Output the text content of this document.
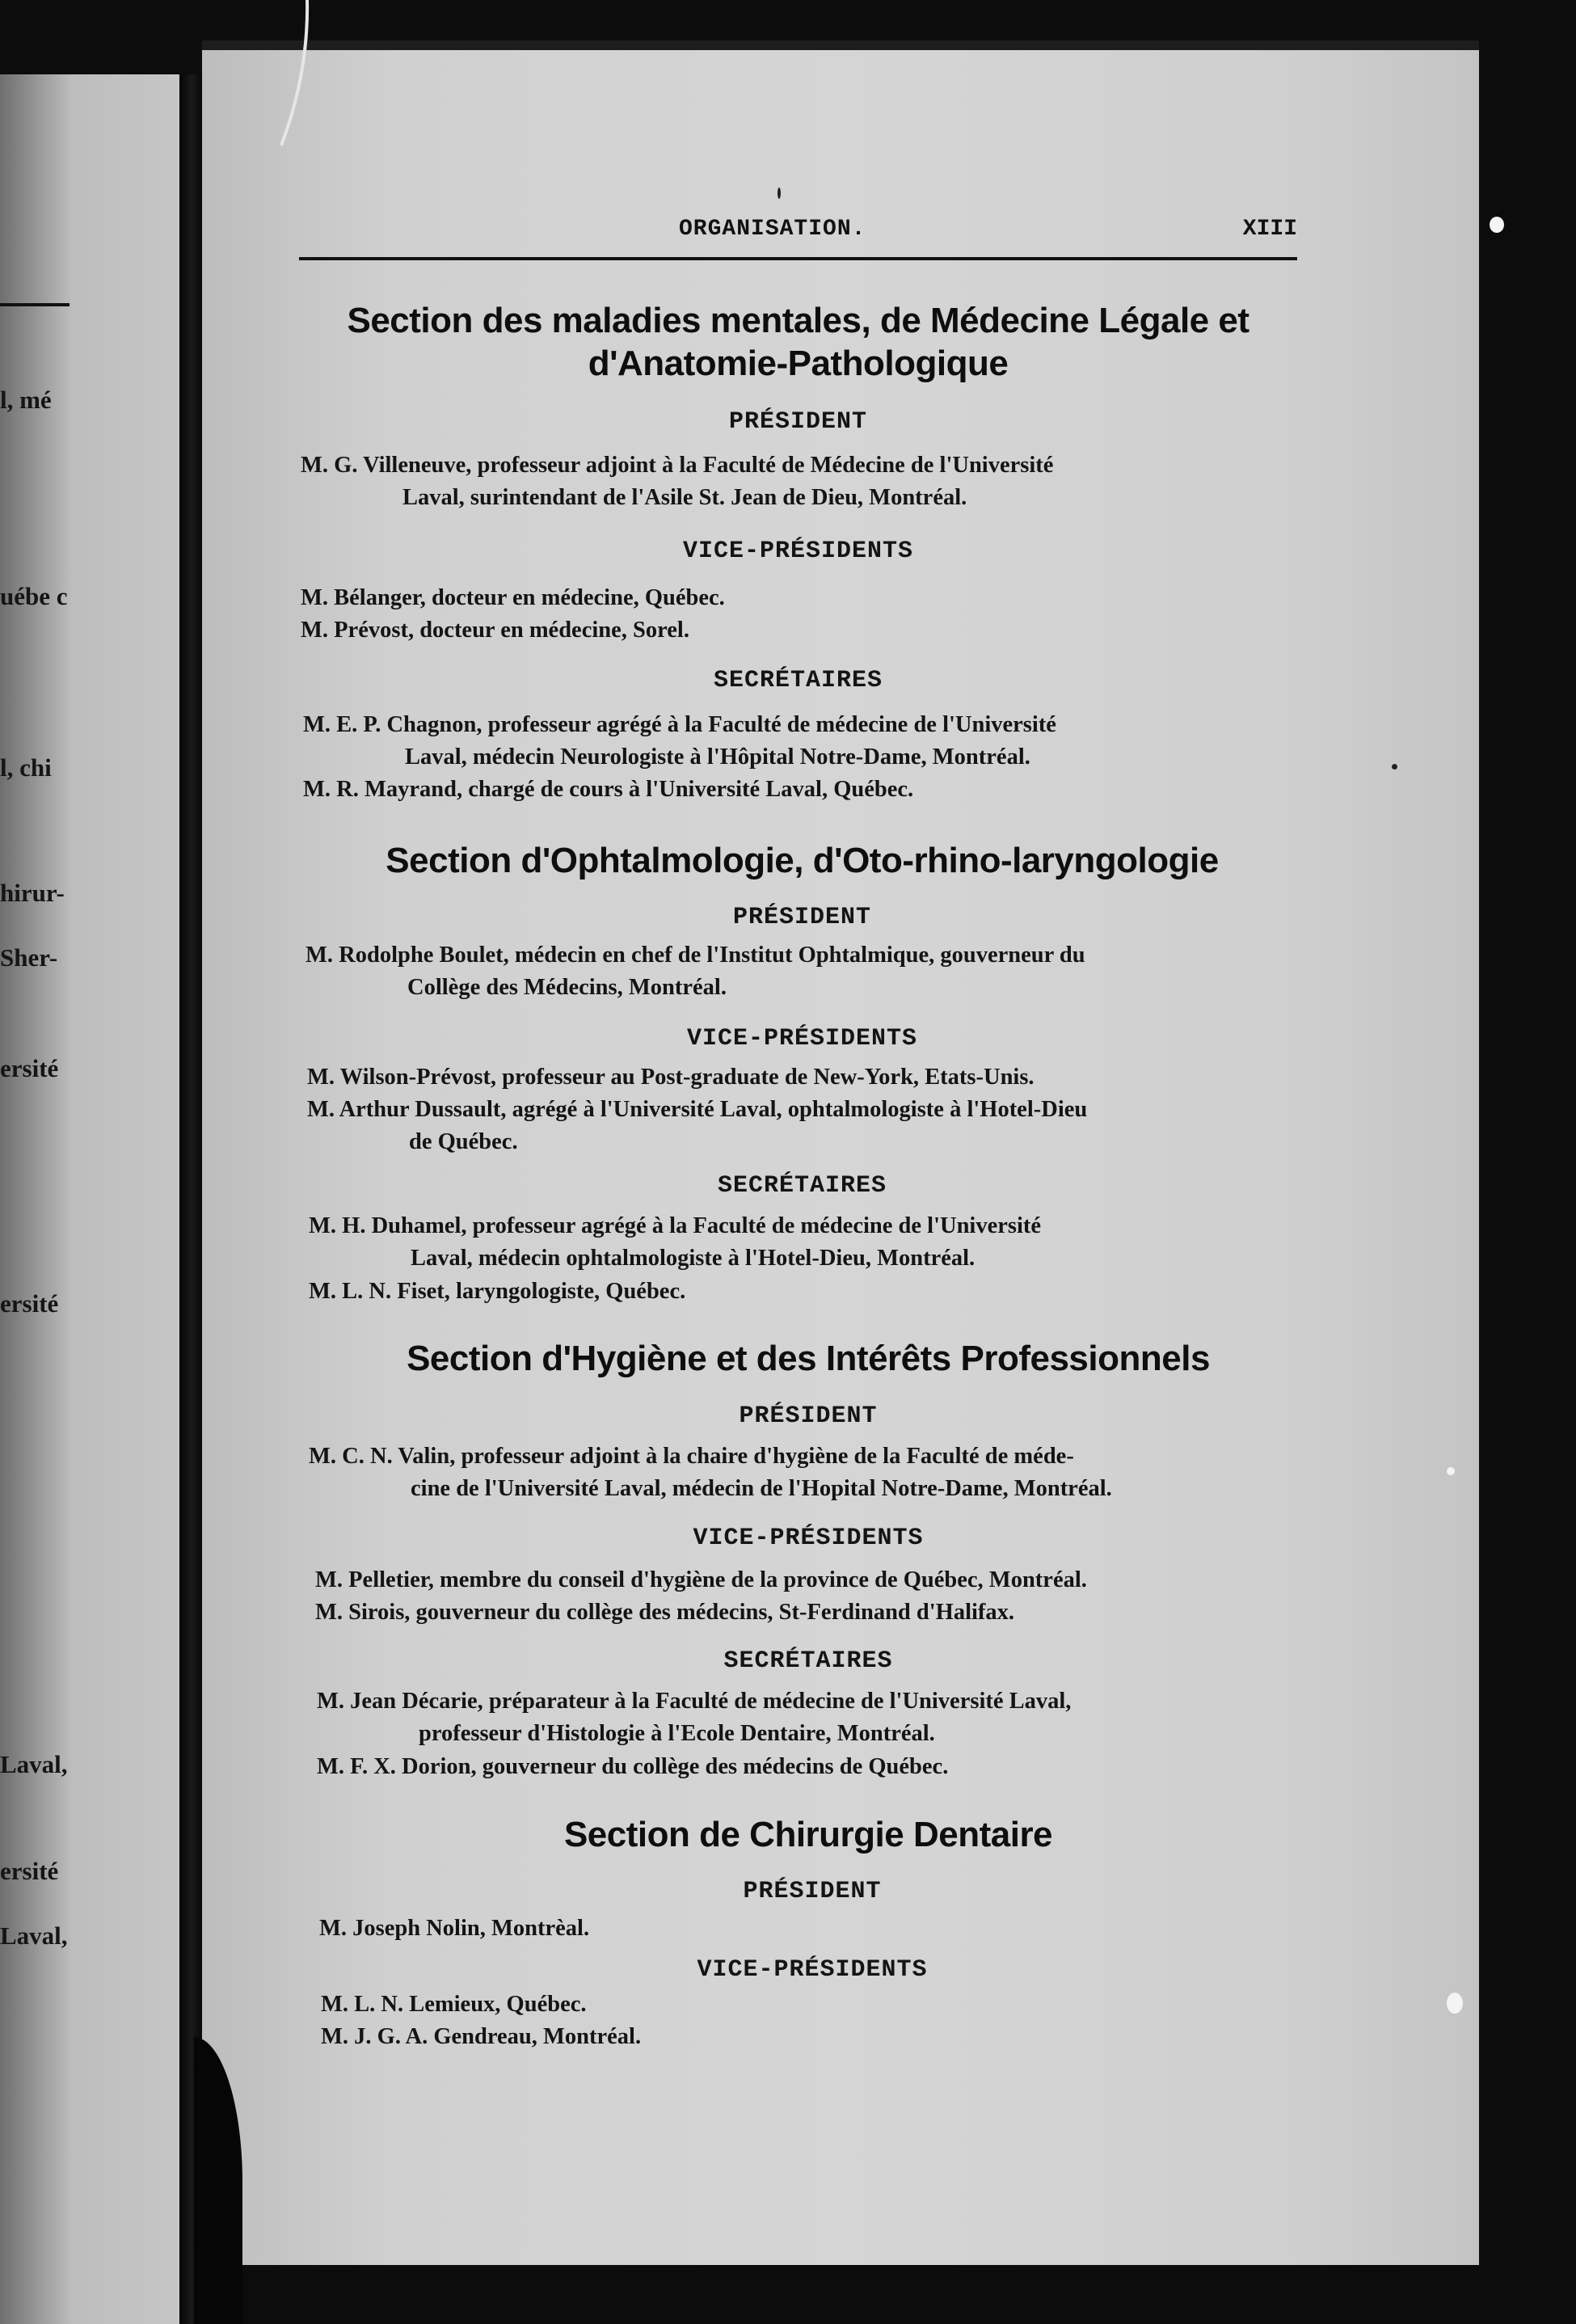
l, mé
uébe c
l, chi
hirur-
Sher-
ersité
ersité
Laval,
ersité
Laval,
ORGANISATION.	XIII
Section des maladies mentales, de Médecine Légale et
d'Anatomie-Pathologique
PRÉSIDENT
M. G. Villeneuve, professeur adjoint à la Faculté de Médecine de l'Université
Laval, surintendant de l'Asile St. Jean de Dieu, Montréal.
VICE-PRÉSIDENTS
M. Bélanger, docteur en médecine, Québec.
M. Prévost, docteur en médecine, Sorel.
SECRÉTAIRES
M. E. P. Chagnon, professeur agrégé à la Faculté de médecine de l'Université
Laval, médecin Neurologiste à l'Hôpital Notre-Dame, Montréal.
M. R. Mayrand, chargé de cours à l'Université Laval, Québec.
Section d'Ophtalmologie, d'Oto-rhino-laryngologie
PRÉSIDENT
M. Rodolphe Boulet, médecin en chef de l'Institut Ophtalmique, gouverneur du
Collège des Médecins, Montréal.
VICE-PRÉSIDENTS
M. Wilson-Prévost, professeur au Post-graduate de New-York, Etats-Unis.
M. Arthur Dussault, agrégé à l'Université Laval, ophtalmologiste à l'Hotel-Dieu
de Québec.
SECRÉTAIRES
M. H. Duhamel, professeur agrégé à la Faculté de médecine de l'Université
Laval, médecin ophtalmologiste à l'Hotel-Dieu, Montréal.
M. L. N. Fiset, laryngologiste, Québec.
Section d'Hygiène et des Intérêts Professionnels
PRÉSIDENT
M. C. N. Valin, professeur adjoint à la chaire d'hygiène de la Faculté de méde-
cine de l'Université Laval, médecin de l'Hopital Notre-Dame, Montréal.
VICE-PRÉSIDENTS
M. Pelletier, membre du conseil d'hygiène de la province de Québec, Montréal.
M. Sirois, gouverneur du collège des médecins, St-Ferdinand d'Halifax.
SECRÉTAIRES
M. Jean Décarie, préparateur à la Faculté de médecine de l'Université Laval,
professeur d'Histologie à l'Ecole Dentaire, Montréal.
M. F. X. Dorion, gouverneur du collège des médecins de Québec.
Section de Chirurgie Dentaire
PRÉSIDENT
M. Joseph Nolin, Montrèal.
VICE-PRÉSIDENTS
M. L. N. Lemieux, Québec.
M. J. G. A. Gendreau, Montréal.
